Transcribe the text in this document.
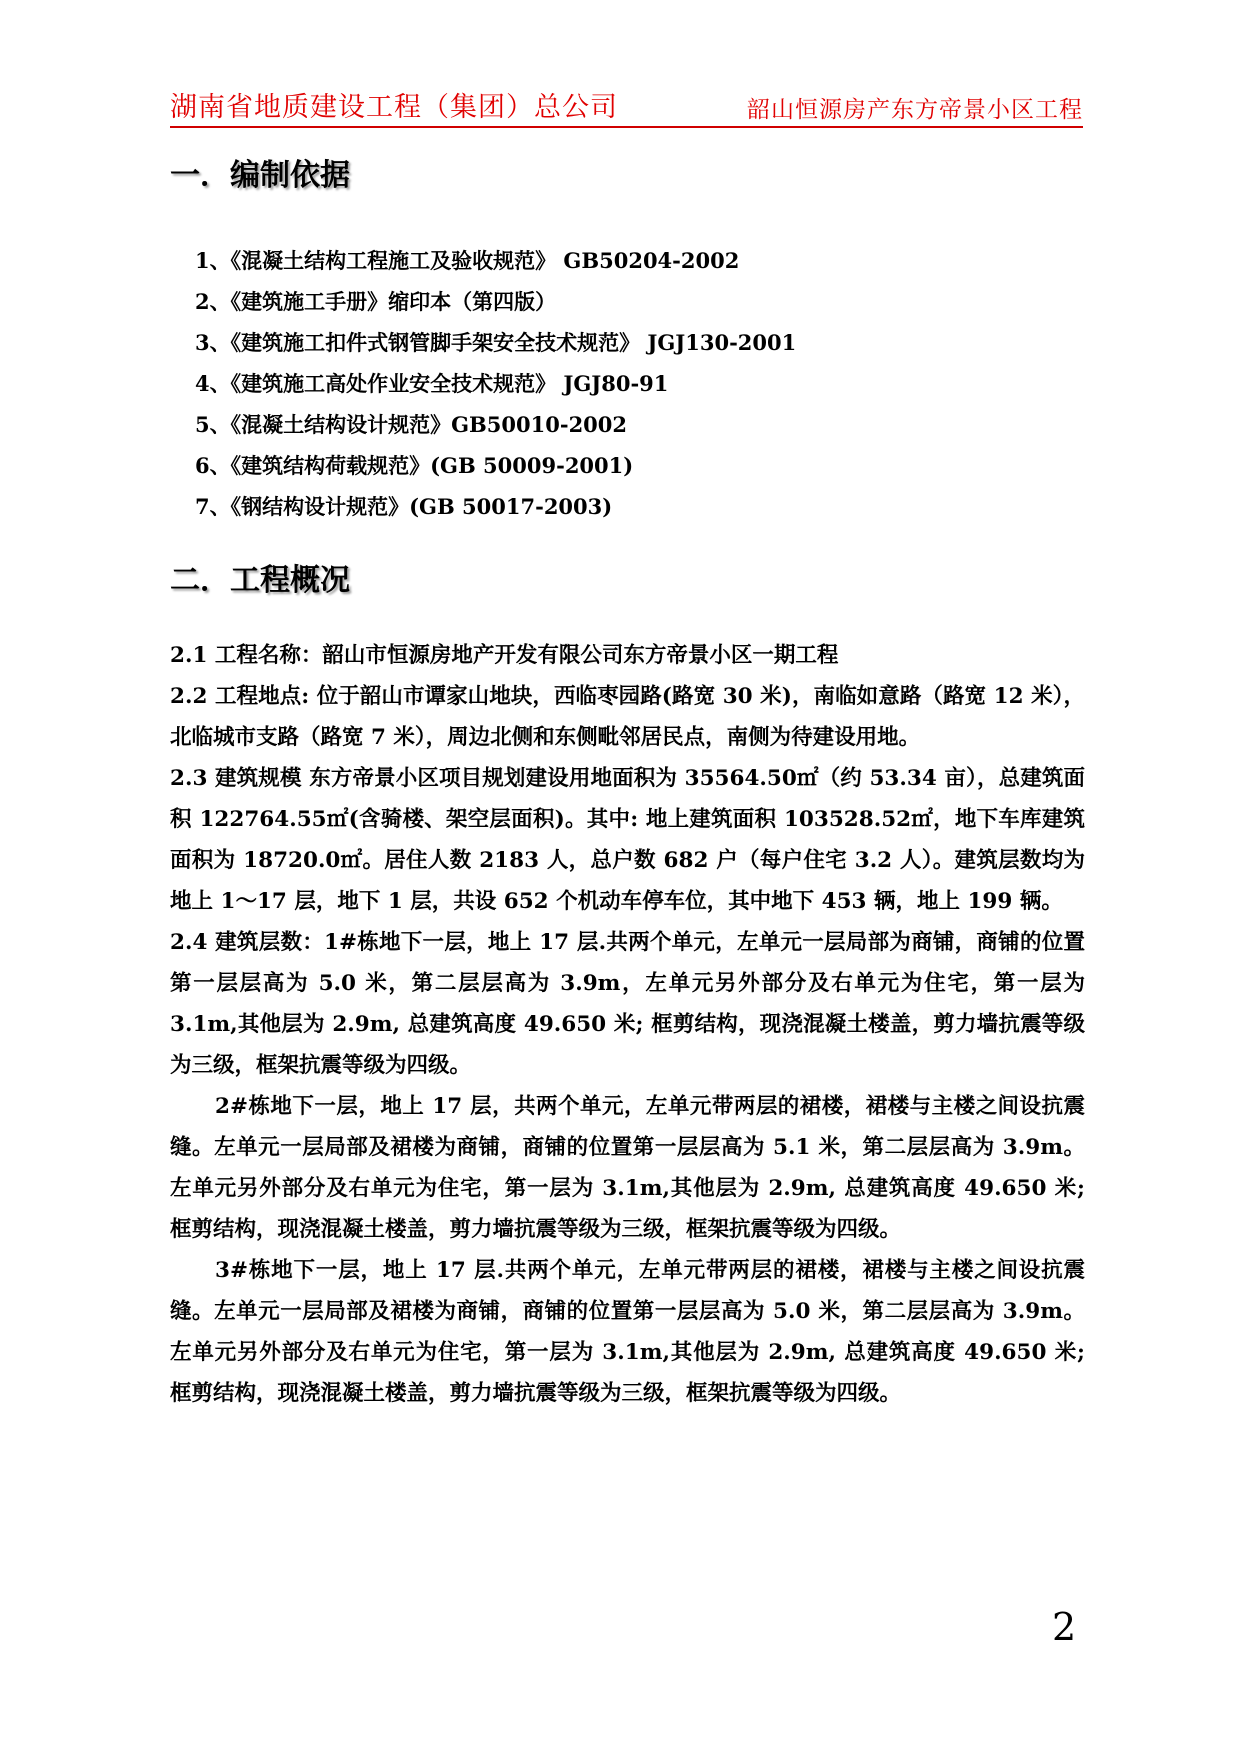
湖南省地质建设工程（集团）总公司	韶山恒源房产东方帝景小区工程
一．编制依据
1、《混凝土结构工程施工及验收规范》 GB50204-2002
2、《建筑施工手册》缩印本（第四版）
3、《建筑施工扣件式钢管脚手架安全技术规范》 JGJ130-2001
4、《建筑施工高处作业安全技术规范》 JGJ80-91
5、《混凝土结构设计规范》GB50010-2002
6、《建筑结构荷载规范》(GB 50009-2001)
7、《钢结构设计规范》(GB 50017-2003)
二．工程概况

2.1 工程名称：韶山市恒源房地产开发有限公司东方帝景小区一期工程

2.2 工程地点: 位于韶山市谭家山地块，西临枣园路(路宽 30 米)，南临如意路（路宽 12 米），北临城市支路（路宽 7 米），周边北侧和东侧毗邻居民点，南侧为待建设用地。

2.3 建筑规模 东方帝景小区项目规划建设用地面积为 35564.50㎡（约 53.34 亩），总建筑面积 122764.55㎡(含骑楼、架空层面积)。其中: 地上建筑面积 103528.52㎡，地下车库建筑面积为 18720.0㎡。居住人数 2183 人，总户数 682 户（每户住宅 3.2 人）。建筑层数均为地上 1～17 层，地下 1 层，共设 652 个机动车停车位，其中地下 453 辆，地上 199 辆。

2.4 建筑层数：1#栋地下一层，地上 17 层.共两个单元，左单元一层局部为商铺，商铺的位置第一层层高为 5.0 米，第二层层高为 3.9m，左单元另外部分及右单元为住宅，第一层为 3.1m,其他层为 2.9m, 总建筑高度 49.650 米; 框剪结构，现浇混凝土楼盖，剪力墙抗震等级为三级，框架抗震等级为四级。

2#栋地下一层，地上 17 层，共两个单元，左单元带两层的裙楼，裙楼与主楼之间设抗震缝。左单元一层局部及裙楼为商铺，商铺的位置第一层层高为 5.1 米，第二层层高为 3.9m。左单元另外部分及右单元为住宅，第一层为 3.1m,其他层为 2.9m, 总建筑高度 49.650 米; 框剪结构，现浇混凝土楼盖，剪力墙抗震等级为三级，框架抗震等级为四级。

3#栋地下一层，地上 17 层.共两个单元，左单元带两层的裙楼，裙楼与主楼之间设抗震缝。左单元一层局部及裙楼为商铺，商铺的位置第一层层高为 5.0 米，第二层层高为 3.9m。左单元另外部分及右单元为住宅，第一层为 3.1m,其他层为 2.9m, 总建筑高度 49.650 米; 框剪结构，现浇混凝土楼盖，剪力墙抗震等级为三级，框架抗震等级为四级。

2
